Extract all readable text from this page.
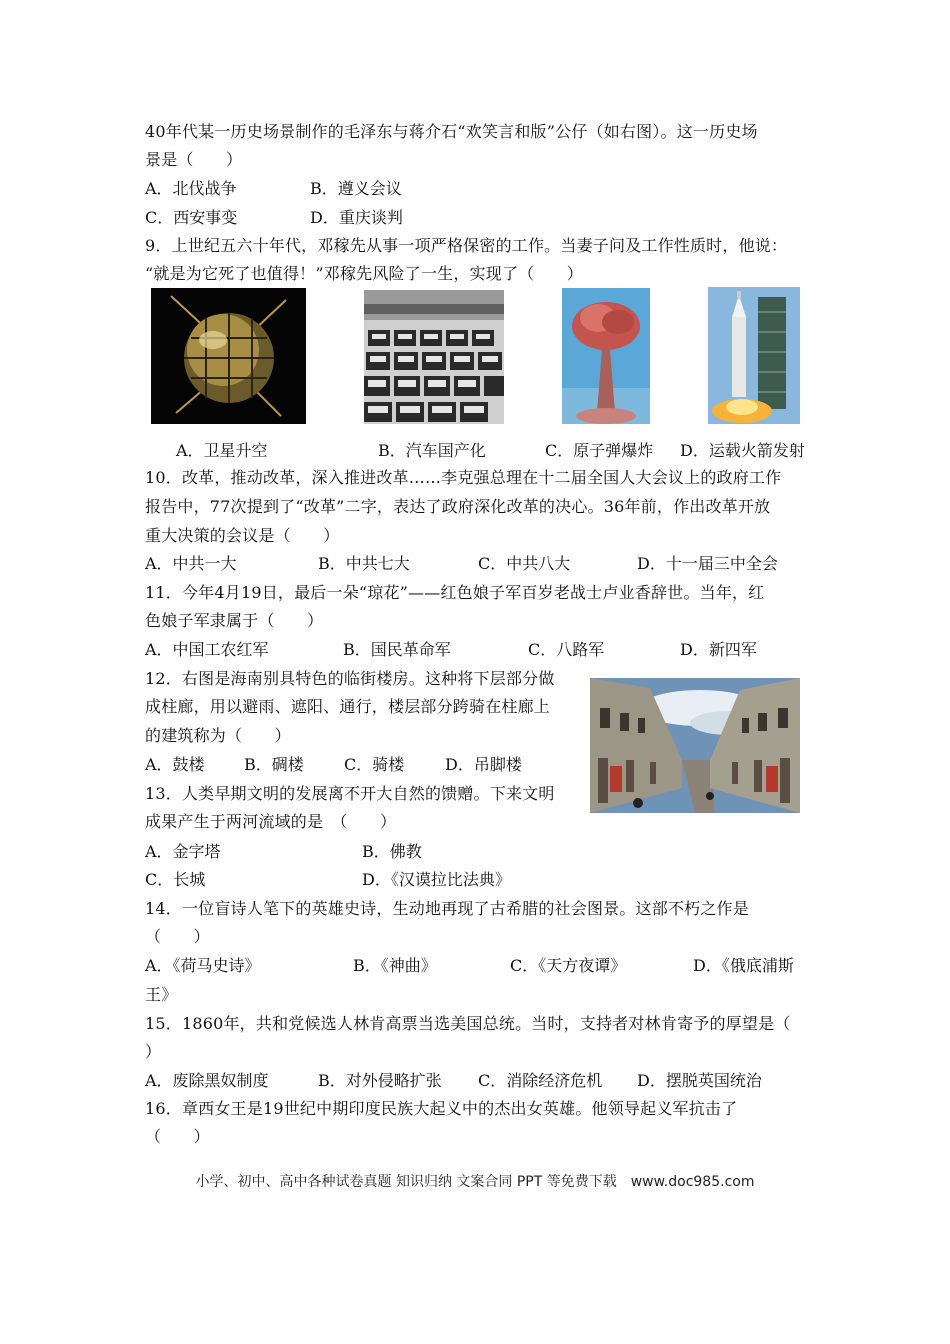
40年代某一历史场景制作的毛泽东与蒋介石“欢笑言和版”公仔（如右图）。这一历史场
景是（　　）
A．北伐战争	B．遵义会议
C．西安事变	D．重庆谈判
9．上世纪五六十年代，邓稼先从事一项严格保密的工作。当妻子问及工作性质时，他说：
“就是为它死了也值得！”邓稼先风险了一生，实现了（　　）
A．卫星升空	B．汽车国产化	C．原子弹爆炸 D．运载火箭发射
10．改革，推动改革，深入推进改革……李克强总理在十二届全国人大会议上的政府工作
报告中，77次提到了“改革”二字，表达了政府深化改革的决心。36年前，作出改革开放
重大决策的会议是（　　）
A．中共一大	B．中共七大	C．中共八大	D．十一届三中全会
11．今年4月19日，最后一朵“琼花”——红色娘子军百岁老战士卢业香辞世。当年，红
色娘子军隶属于（　　）
A．中国工农红军	B．国民革命军	C．八路军	D．新四军
12．右图是海南别具特色的临街楼房。这种将下层部分做
成柱廊，用以避雨、遮阳、通行，楼层部分跨骑在柱廊上
的建筑称为（　　）
A．鼓楼 B．碉楼	C．骑楼	D．吊脚楼
13．人类早期文明的发展离不开大自然的馈赠。下来文明
成果产生于两河流域的是　（　　）
A．金字塔	B．佛教
C．长城	D．《汉谟拉比法典》
14．一位盲诗人笔下的英雄史诗，生动地再现了古希腊的社会图景。这部不朽之作是
（　　）
A．《荷马史诗》	B．《神曲》	C．《天方夜谭》	D．《俄底浦斯
王》
15．1860年，共和党候选人林肯高票当选美国总统。当时，支持者对林肯寄予的厚望是（
）
A．废除黑奴制度	B．对外侵略扩张 C．消除经济危机 D．摆脱英国统治
16．章西女王是19世纪中期印度民族大起义中的杰出女英雄。他领导起义军抗击了
（　　）
小学、初中、高中各种试卷真题 知识归纳 文案合同 PPT 等免费下载　www.doc985.com
